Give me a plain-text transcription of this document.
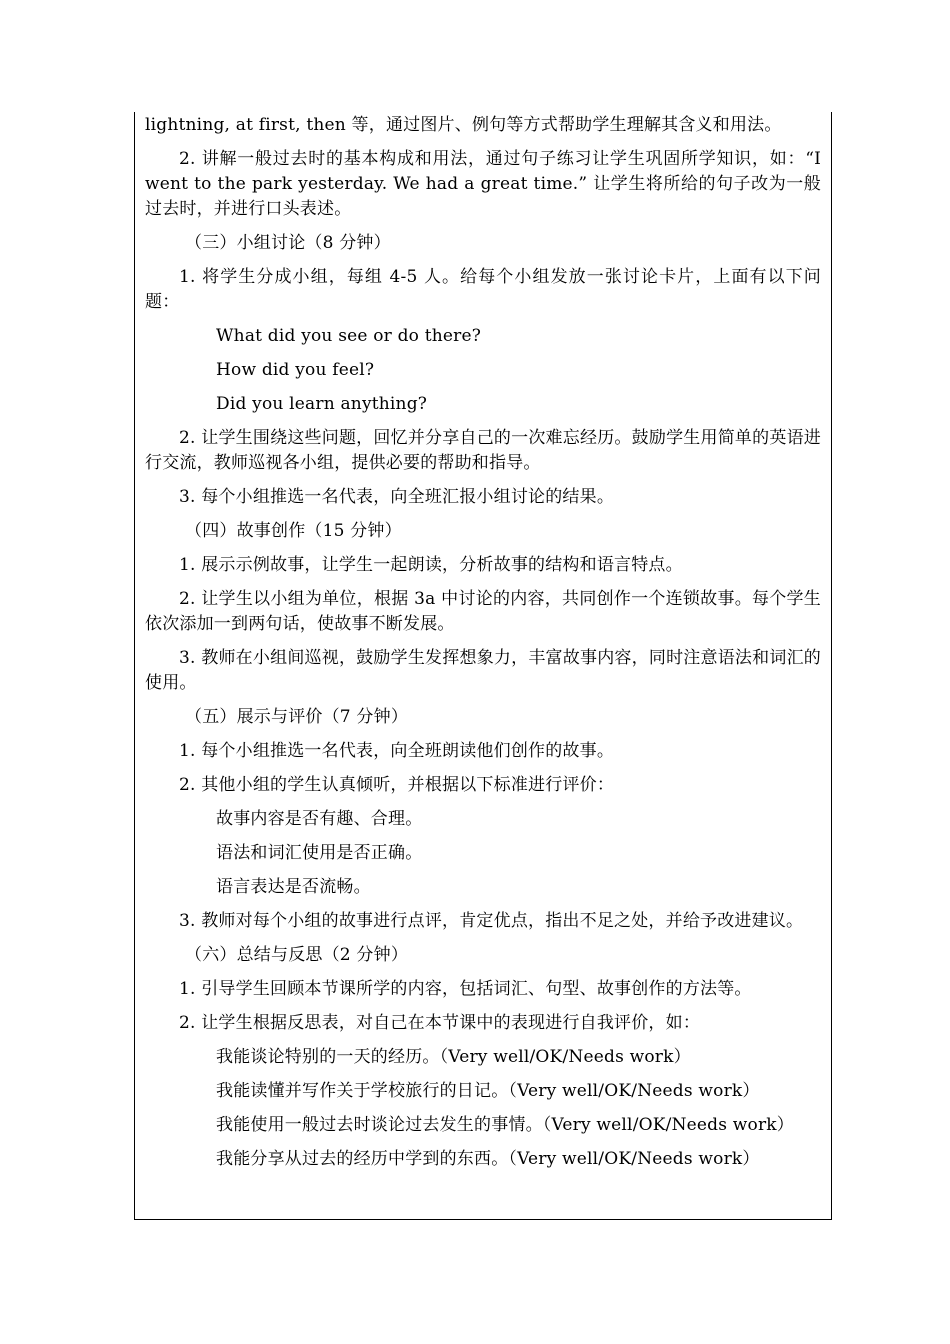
lightning, at first, then 等，通过图片、例句等方式帮助学生理解其含义和用法。

2. 讲解一般过去时的基本构成和用法，通过句子练习让学生巩固所学知识，如：“I went to the park yesterday. We had a great time.” 让学生将所给的句子改为一般过去时，并进行口头表述。

（三）小组讨论（8 分钟）

1. 将学生分成小组，每组 4-5 人。给每个小组发放一张讨论卡片，上面有以下问题：

What did you see or do there?

How did you feel?

Did you learn anything?

2. 让学生围绕这些问题，回忆并分享自己的一次难忘经历。鼓励学生用简单的英语进行交流，教师巡视各小组，提供必要的帮助和指导。

3. 每个小组推选一名代表，向全班汇报小组讨论的结果。

（四）故事创作（15 分钟）

1. 展示示例故事，让学生一起朗读，分析故事的结构和语言特点。

2. 让学生以小组为单位，根据 3a 中讨论的内容，共同创作一个连锁故事。每个学生依次添加一到两句话，使故事不断发展。

3. 教师在小组间巡视，鼓励学生发挥想象力，丰富故事内容，同时注意语法和词汇的使用。

（五）展示与评价（7 分钟）

1. 每个小组推选一名代表，向全班朗读他们创作的故事。

2. 其他小组的学生认真倾听，并根据以下标准进行评价：

故事内容是否有趣、合理。

语法和词汇使用是否正确。

语言表达是否流畅。

3. 教师对每个小组的故事进行点评，肯定优点，指出不足之处，并给予改进建议。

（六）总结与反思（2 分钟）

1. 引导学生回顾本节课所学的内容，包括词汇、句型、故事创作的方法等。

2. 让学生根据反思表，对自己在本节课中的表现进行自我评价，如：

我能谈论特别的一天的经历。（Very well/OK/Needs work）

我能读懂并写作关于学校旅行的日记。（Very well/OK/Needs work）

我能使用一般过去时谈论过去发生的事情。（Very well/OK/Needs work）

我能分享从过去的经历中学到的东西。（Very well/OK/Needs work）
